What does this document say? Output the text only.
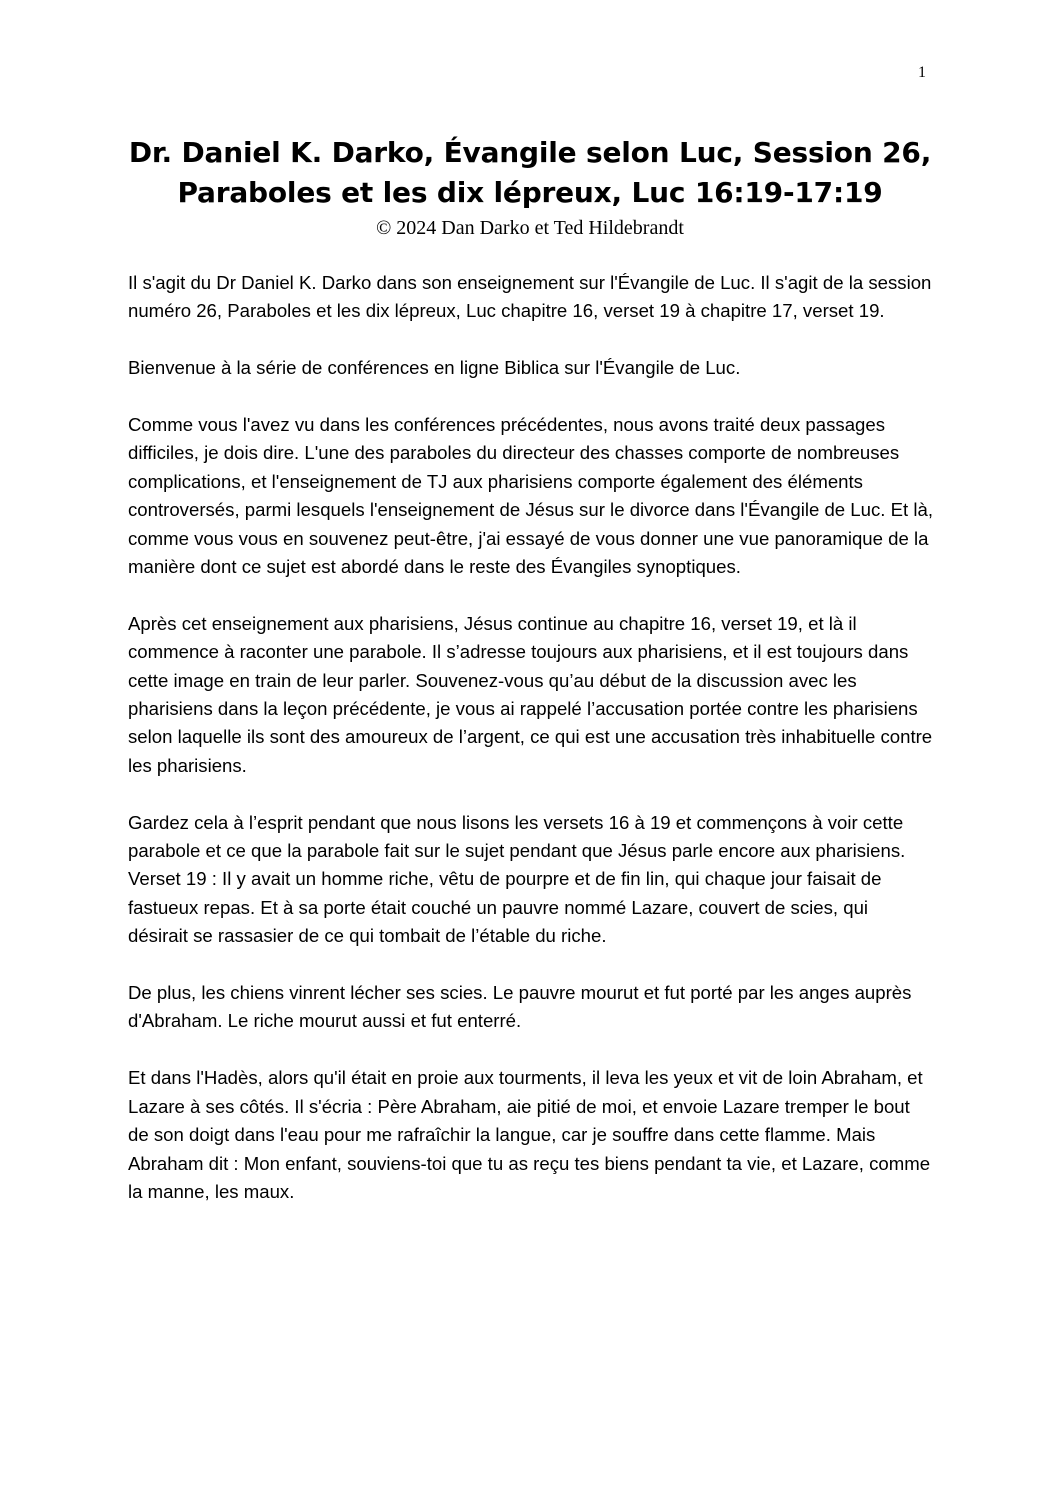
1
Dr. Daniel K. Darko, Évangile selon Luc, Session 26,
Paraboles et les dix lépreux, Luc 16:19-17:19
© 2024 Dan Darko et Ted Hildebrandt

Il s'agit du Dr Daniel K. Darko dans son enseignement sur l'Évangile de Luc. Il s'agit de la session numéro 26, Paraboles et les dix lépreux, Luc chapitre 16, verset 19 à chapitre 17, verset 19.

Bienvenue à la série de conférences en ligne Biblica sur l'Évangile de Luc.

Comme vous l'avez vu dans les conférences précédentes, nous avons traité deux passages difficiles, je dois dire. L'une des paraboles du directeur des chasses comporte de nombreuses complications, et l'enseignement de TJ aux pharisiens comporte également des éléments controversés, parmi lesquels l'enseignement de Jésus sur le divorce dans l'Évangile de Luc. Et là, comme vous vous en souvenez peut-être, j'ai essayé de vous donner une vue panoramique de la manière dont ce sujet est abordé dans le reste des Évangiles synoptiques.

Après cet enseignement aux pharisiens, Jésus continue au chapitre 16, verset 19, et là il commence à raconter une parabole. Il s’adresse toujours aux pharisiens, et il est toujours dans cette image en train de leur parler. Souvenez-vous qu’au début de la discussion avec les pharisiens dans la leçon précédente, je vous ai rappelé l’accusation portée contre les pharisiens selon laquelle ils sont des amoureux de l’argent, ce qui est une accusation très inhabituelle contre les pharisiens.

Gardez cela à l’esprit pendant que nous lisons les versets 16 à 19 et commençons à voir cette parabole et ce que la parabole fait sur le sujet pendant que Jésus parle encore aux pharisiens. Verset 19 : Il y avait un homme riche, vêtu de pourpre et de fin lin, qui chaque jour faisait de fastueux repas. Et à sa porte était couché un pauvre nommé Lazare, couvert de scies, qui désirait se rassasier de ce qui tombait de l’étable du riche.

De plus, les chiens vinrent lécher ses scies. Le pauvre mourut et fut porté par les anges auprès d'Abraham. Le riche mourut aussi et fut enterré.

Et dans l'Hadès, alors qu'il était en proie aux tourments, il leva les yeux et vit de loin Abraham, et Lazare à ses côtés. Il s'écria : Père Abraham, aie pitié de moi, et envoie Lazare tremper le bout de son doigt dans l'eau pour me rafraîchir la langue, car je souffre dans cette flamme. Mais Abraham dit : Mon enfant, souviens-toi que tu as reçu tes biens pendant ta vie, et Lazare, comme la manne, les maux.
